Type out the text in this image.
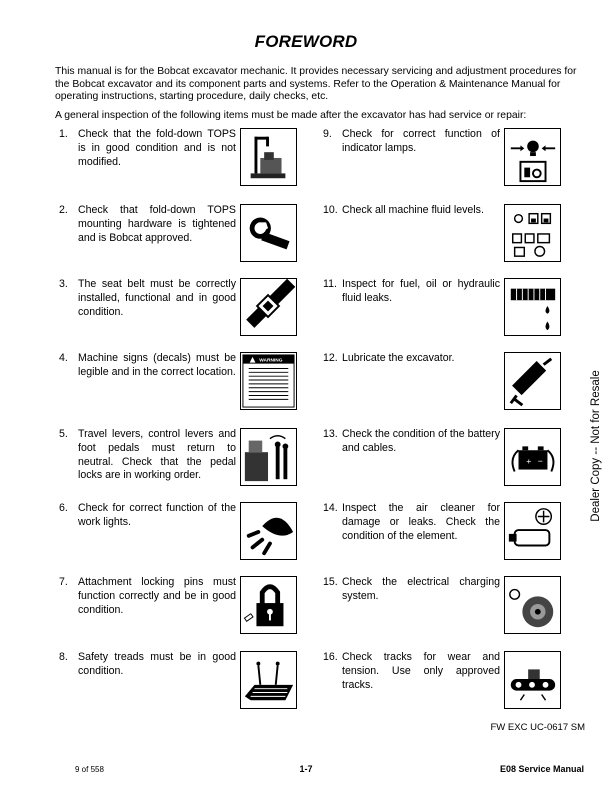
FOREWORD

This manual is for the Bobcat excavator mechanic. It provides necessary servicing and adjustment procedures for the Bobcat excavator and its component parts and systems. Refer to the Operation & Maintenance Manual for operating instructions, starting procedure, daily checks, etc.

A general inspection of the following items must be made after the excavator has had service or repair:

1. Check that the fold-down TOPS is in good condition and is not modified.
2. Check that fold-down TOPS mounting hardware is tightened and is Bobcat approved.
3. The seat belt must be correctly installed, functional and in good condition.
4. Machine signs (decals) must be legible and in the correct location.
5. Travel levers, control levers and foot pedals must return to neutral. Check that the pedal locks are in working order.
6. Check for correct function of the work lights.
7. Attachment locking pins must function correctly and be in good condition.
8. Safety treads must be in good condition.
9. Check for correct function of indicator lamps.
10. Check all machine fluid levels.
11. Inspect for fuel, oil or hydraulic fluid leaks.
12. Lubricate the excavator.
13. Check the condition of the battery and cables.
14. Inspect the air cleaner for damage or leaks. Check the condition of the element.
15. Check the electrical charging system.
16. Check tracks for wear and tension. Use only approved tracks.
WARNING
+ −	Dealer Copy -- Not for Resale
FW EXC UC-0617 SM
9 of 558	1-7	E08 Service Manual
